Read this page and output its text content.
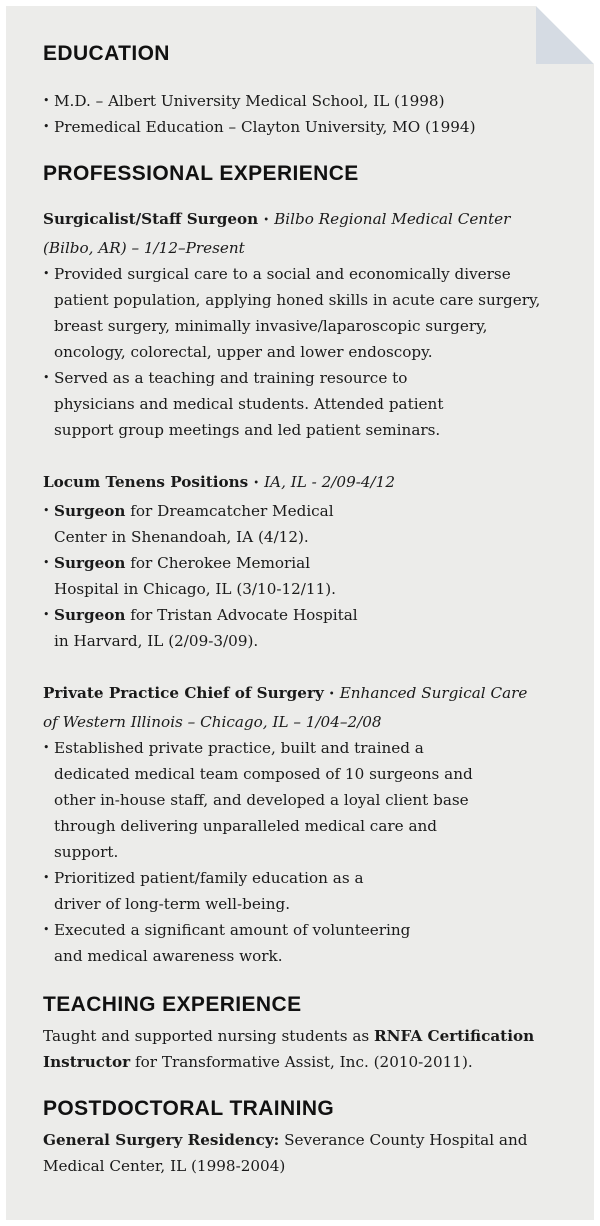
EDUCATION
• M.D. – Albert University Medical School, IL (1998)
• Premedical Education – Clayton University, MO (1994)
PROFESSIONAL EXPERIENCE
Surgicalist/Staff Surgeon • Bilbo Regional Medical Center (Bilbo, AR) – 1/12–Present
• Provided surgical care to a social and economically diverse patient population, applying honed skills in acute care surgery, breast surgery, minimally invasive/laparoscopic surgery, oncology, colorectal, upper and lower endoscopy.
• Served as a teaching and training resource to physicians and medical students. Attended patient support group meetings and led patient seminars.
Locum Tenens Positions • IA, IL - 2/09-4/12
• Surgeon for Dreamcatcher Medical Center in Shenandoah, IA (4/12).
• Surgeon for Cherokee Memorial Hospital in Chicago, IL (3/10-12/11).
• Surgeon for Tristan Advocate Hospital in Harvard, IL (2/09-3/09).
Private Practice Chief of Surgery • Enhanced Surgical Care of Western Illinois – Chicago, IL – 1/04–2/08
• Established private practice, built and trained a dedicated medical team composed of 10 surgeons and other in-house staff, and developed a loyal client base through delivering unparalleled medical care and support.
• Prioritized patient/family education as a driver of long-term well-being.
• Executed a significant amount of volunteering and medical awareness work.
TEACHING EXPERIENCE
Taught and supported nursing students as RNFA Certification Instructor for Transformative Assist, Inc. (2010-2011).
POSTDOCTORAL TRAINING
General Surgery Residency: Severance County Hospital and Medical Center, IL (1998-2004)
